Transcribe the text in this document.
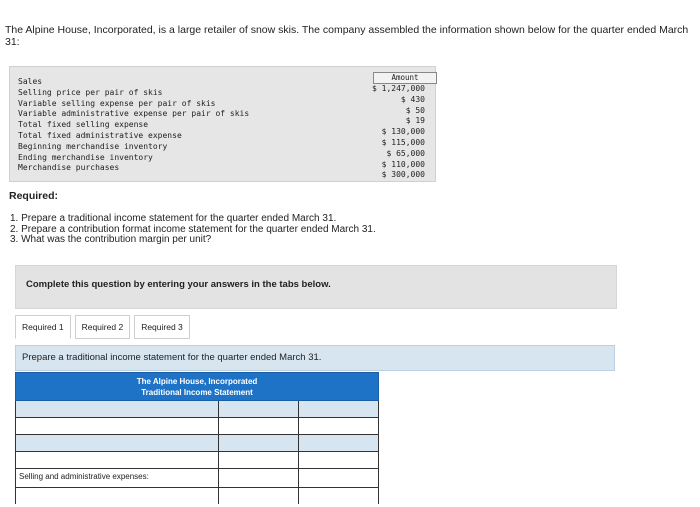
The Alpine House, Incorporated, is a large retailer of snow skis. The company assembled the information shown below for the quarter ended March 31:
Amount
Sales
Selling price per pair of skis
Variable selling expense per pair of skis
Variable administrative expense per pair of skis
Total fixed selling expense
Total fixed administrative expense
Beginning merchandise inventory
Ending merchandise inventory
Merchandise purchases
$ 1,247,000
$ 430
$ 50
$ 19
$ 130,000
$ 115,000
$ 65,000
$ 110,000
$ 300,000
Required:
1. Prepare a traditional income statement for the quarter ended March 31.
2. Prepare a contribution format income statement for the quarter ended March 31.
3. What was the contribution margin per unit?
Complete this question by entering your answers in the tabs below.
Required 1	Required 2	Required 3
Prepare a traditional income statement for the quarter ended March 31.
The Alpine House, Incorporated
Traditional Income Statement
Selling and administrative expenses:
